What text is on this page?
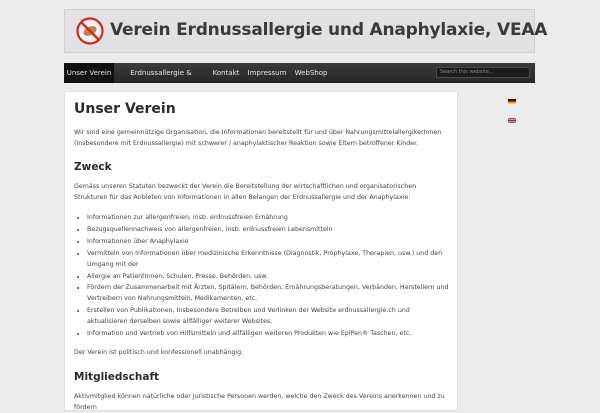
Verein Erdnussallergie und Anaphylaxie, VEAA
Unser Verein	Erdnussallergie &	Kontakt	Impressum	WebShop	Search this website...
Unser Verein

Wir sind eine gemeinnützige Organisation, die Informationen bereitstellt für und über NahrungsmittelallergikerInnen (insbesondere mit Erdnussallergie) mit schwerer / anaphylaktischer Reaktion sowie Eltern betroffener Kinder.

Zweck

Gemäss unseren Statuten bezweckt der Verein die Bereitstellung der wirtschaftlichen und organisatorischen Strukturen für das Anbieten von Informationen in allen Belangen der Erdnussallergie und der Anaphylaxie:

• Informationen zur allergenfreien, insb. erdnussfreien Ernährung
• Bezugsquellennachweis von allergenfreien, insb. erdnussfreien Lebensmitteln
• Informationen über Anaphylaxie
• Vermitteln von Informationen über medizinische Erkenntnisse (Diagnostik, Prophylaxe, Therapien, usw.) und den Umgang mit der
• Allergie an PatientInnen, Schulen, Presse, Behörden, usw.
• Fördern der Zusammenarbeit mit Ärzten, Spitälern, Behörden, Ernährungsberatungen, Verbänden, Herstellern und Vertreibern von Nahrungsmitteln, Medikamenten, etc.
• Erstellen von Publikationen, Insbesondere Betreiben und Verlinken der Website erdnussallergie.ch und aktualisieren derselben sowie allfälliger weiterer Websites.
• Information und Vertrieb von Hilfsmitteln und allfälligen weiteren Produkten wie EpiPen® Taschen, etc.

Der Verein ist politisch und konfessionell unabhängig.

Mitgliedschaft

Aktivmitglied können natürliche oder juristische Personen werden, welche den Zweck des Vereins anerkennen und zu fördern
